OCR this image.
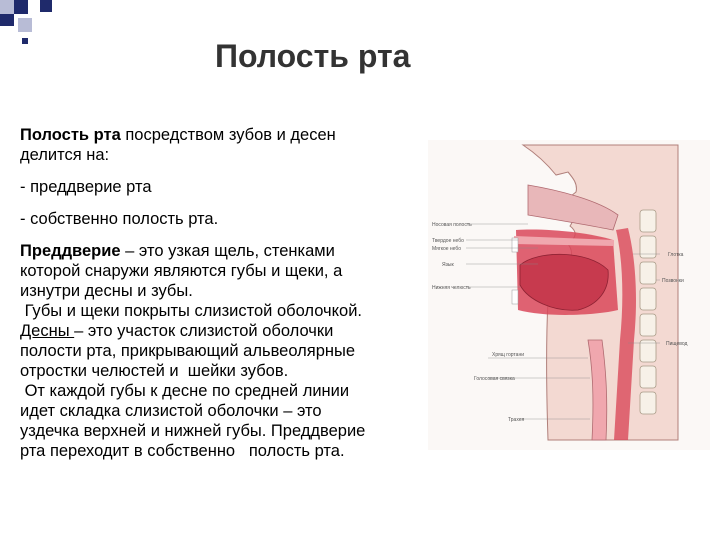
Полость рта

Полость рта посредством зубов и десен

делится на:

- преддверие рта

- собственно полость рта.

Преддверие – это узкая щель, стенками

которой снаружи являются губы и щеки, а

изнутри десны и зубы.

Губы и щеки покрыты слизистой оболочкой.

Десны – это участок слизистой оболочки

полости рта, прикрывающий альвеолярные

отростки челюстей и  шейки зубов.

От каждой губы к десне по средней линии

идет складка слизистой оболочки – это

уздечка верхней и нижней губы. Преддверие

рта переходит в собственно   полость рта.

Носовая полость
Твердое небо
Мягкое небо
Язык
Нижняя челюсть
Хрящ гортани
Голосовая связка
Трахея
Глотка
Позвонки
Пищевод
